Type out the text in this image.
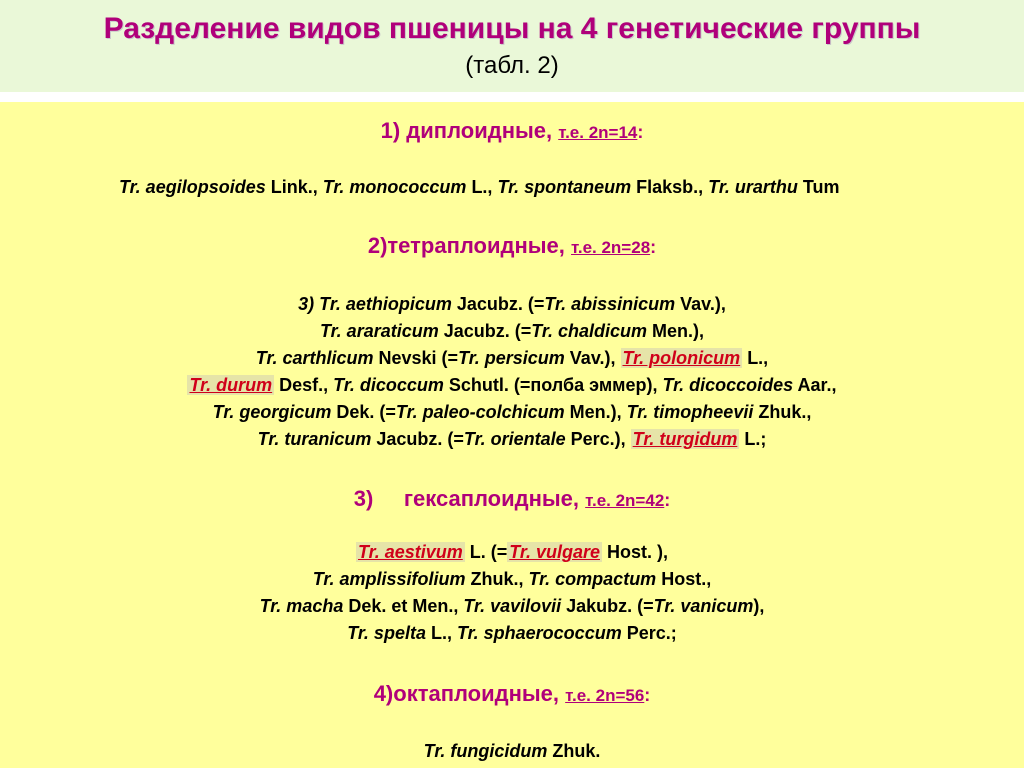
Разделение видов пшеницы на 4 генетические группы
(табл. 2)
1) диплоидные, т.е. 2n=14:
Tr. aegilopsoides Link., Tr. monococcum L., Tr. spontaneum Flaksb., Tr. urarthu Tum
2)тетраплоидные, т.е. 2n=28:
3) Tr. aethiopicum Jacubz. (=Tr. abissinicum Vav.),
Tr. araraticum Jacubz. (=Tr. chaldicum Men.),
Tr. carthlicum Nevski (=Tr. persicum Vav.), Tr. polonicum L.,
Tr. durum Desf., Tr. dicoccum Schutl. (=полба эммер), Tr. dicoccoides Aar.,
Tr. georgicum Dek. (=Tr. paleo-colchicum Men.), Tr. timopheevii Zhuk.,
Tr. turanicum Jacubz. (=Tr. orientale Perc.), Tr. turgidum L.;
3)     гексаплоидные, т.е. 2n=42:
Tr. aestivum L. (= Tr. vulgare Host. ),
Tr. amplissifolium Zhuk., Tr. compactum Host.,
Tr. macha Dek. et Men., Tr. vavilovii Jakubz. (=Tr. vanicum),
Tr. spelta L., Tr. sphaerococcum Perc.;
4)октаплоидные, т.е. 2n=56:
Tr. fungicidum Zhuk.
